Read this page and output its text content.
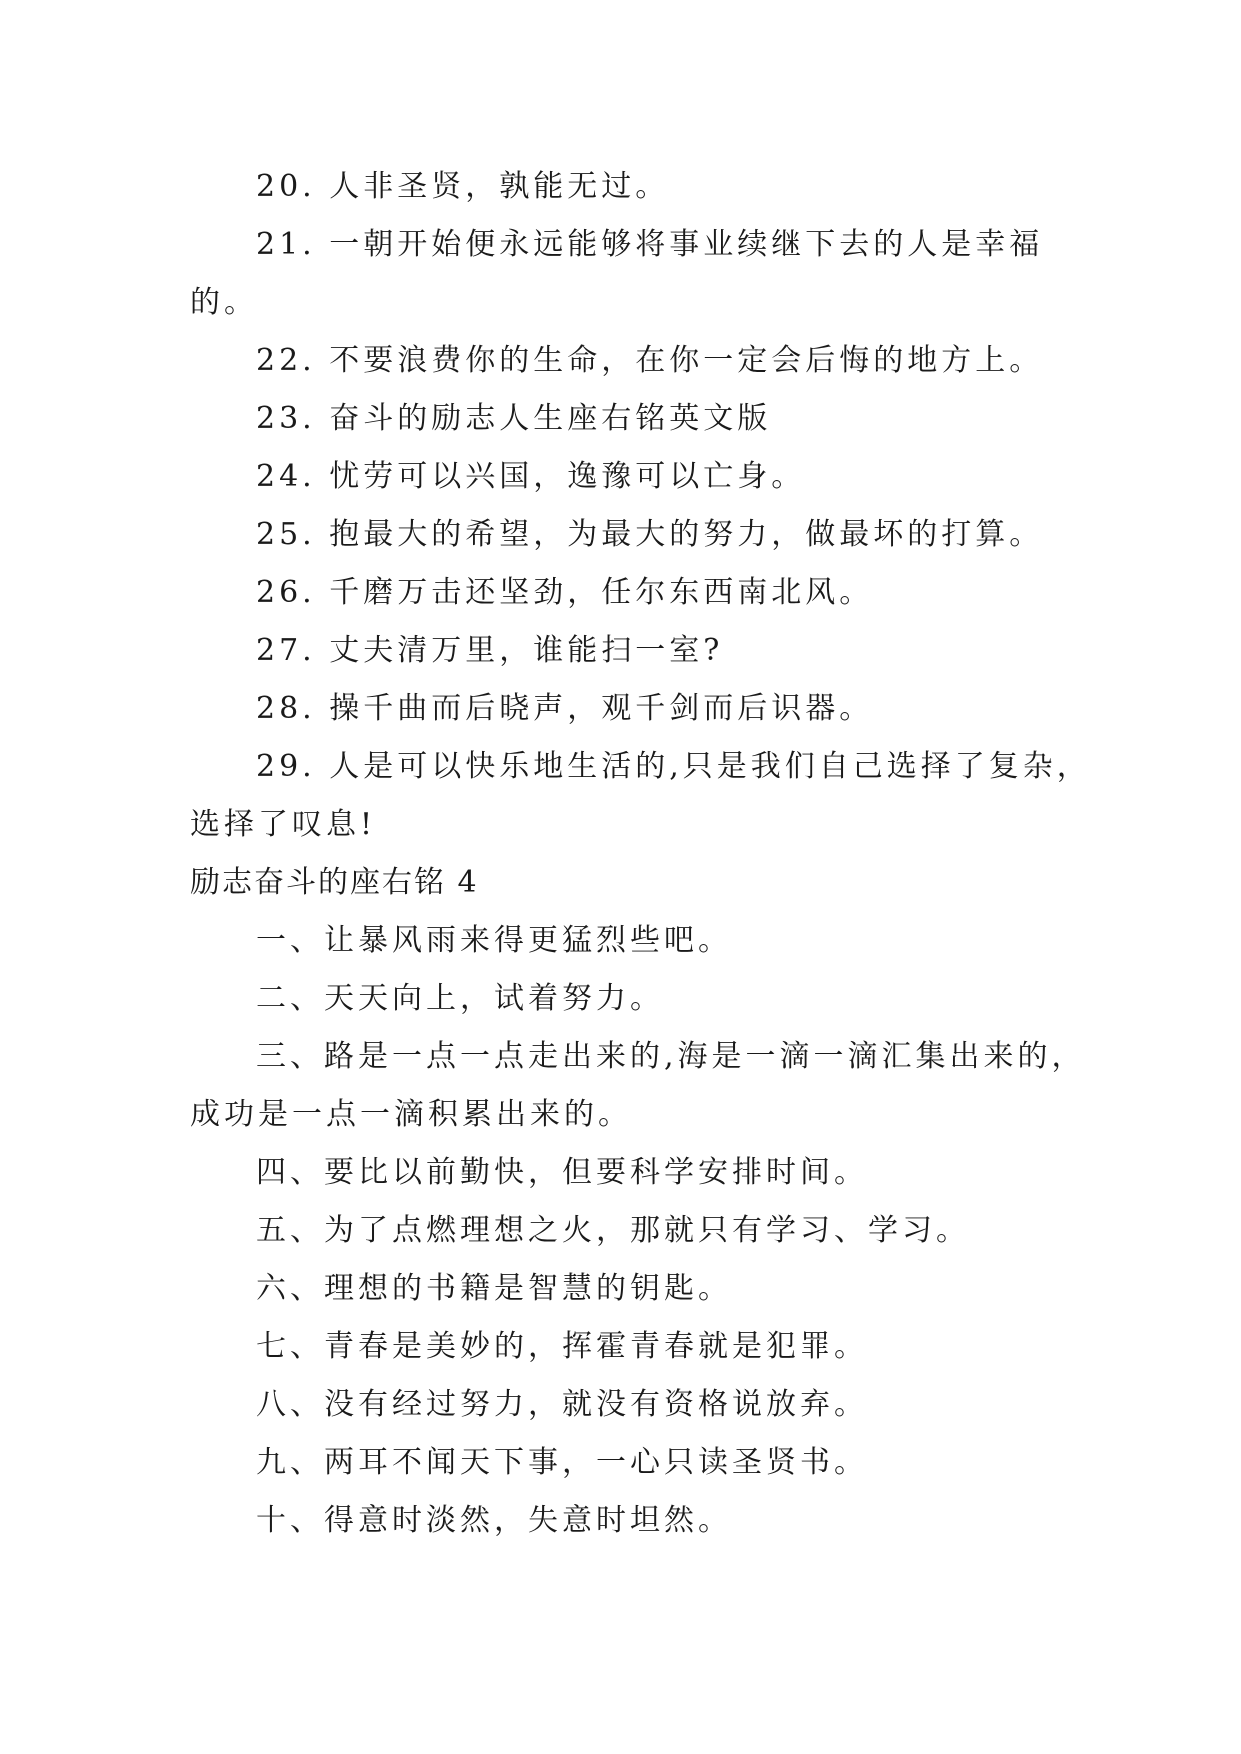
20. 人非圣贤，孰能无过。
21. 一朝开始便永远能够将事业续继下去的人是幸福
的。
22. 不要浪费你的生命，在你一定会后悔的地方上。
23. 奋斗的励志人生座右铭英文版
24. 忧劳可以兴国，逸豫可以亡身。
25. 抱最大的希望，为最大的努力，做最坏的打算。
26. 千磨万击还坚劲，任尔东西南北风。
27. 丈夫清万里，谁能扫一室?
28. 操千曲而后晓声，观千剑而后识器。
29. 人是可以快乐地生活的,只是我们自己选择了复杂，
选择了叹息!
励志奋斗的座右铭 4
一、让暴风雨来得更猛烈些吧。
二、天天向上，试着努力。
三、路是一点一点走出来的,海是一滴一滴汇集出来的，
成功是一点一滴积累出来的。
四、要比以前勤快，但要科学安排时间。
五、为了点燃理想之火，那就只有学习、学习。
六、理想的书籍是智慧的钥匙。
七、青春是美妙的，挥霍青春就是犯罪。
八、没有经过努力，就没有资格说放弃。
九、两耳不闻天下事，一心只读圣贤书。
十、得意时淡然，失意时坦然。
